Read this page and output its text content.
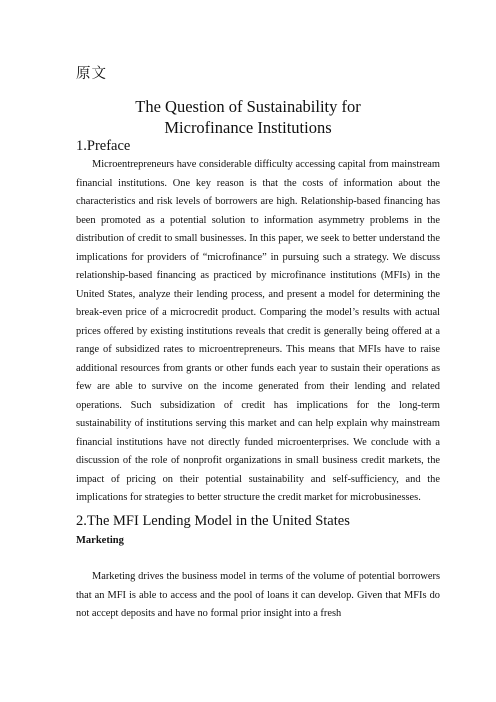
原文
The Question of Sustainability for
Microfinance Institutions
1.Preface
Microentrepreneurs have considerable difficulty accessing capital from mainstream financial institutions. One key reason is that the costs of information about the characteristics and risk levels of borrowers are high. Relationship-based financing has been promoted as a potential solution to information asymmetry problems in the distribution of credit to small businesses. In this paper, we seek to better understand the implications for providers of “microfinance” in pursuing such a strategy. We discuss relationship-based financing as practiced by microfinance institutions (MFIs) in the United States, analyze their lending process, and present a model for determining the break-even price of a microcredit product. Comparing the model’s results with actual prices offered by existing institutions reveals that credit is generally being offered at a range of subsidized rates to microentrepreneurs. This means that MFIs have to raise additional resources from grants or other funds each year to sustain their operations as few are able to survive on the income generated from their lending and related operations. Such subsidization of credit has implications for the long-term sustainability of institutions serving this market and can help explain why mainstream financial institutions have not directly funded microenterprises. We conclude with a discussion of the role of nonprofit organizations in small business credit markets, the impact of pricing on their potential sustainability and self-sufficiency, and the implications for strategies to better structure the credit market for microbusinesses.
2.The MFI Lending Model in the United States
Marketing
Marketing drives the business model in terms of the volume of potential borrowers that an MFI is able to access and the pool of loans it can develop. Given that MFIs do not accept deposits and have no formal prior insight into a fresh
